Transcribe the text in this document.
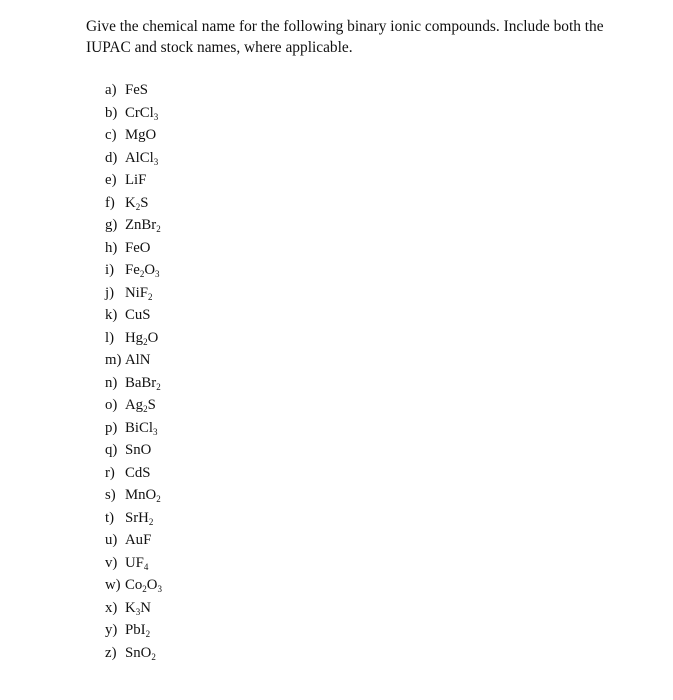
Give the chemical name for the following binary ionic compounds. Include both the IUPAC and stock names, where applicable.

a) FeS
b) CrCl$_3$
c) MgO
d) AlCl$_3$
e) LiF
f) $K_2S$
g) ZnBr$_2$
h) FeO
i) $Fe_2O_3$
j) NiF$_2$
k) CuS
l) $Hg_2O$
m) AlN
n) BaBr$_2$
o) $Ag_2S$
p) BiCl$_3$
q) SnO
r) CdS
s) MnO$_2$
t) SrH$_2$
u) AuF
v) $UF_4$
w) $Co_2O_3$
x) $K_3N$
y) PbI$_2$
z) SnO$_2$
